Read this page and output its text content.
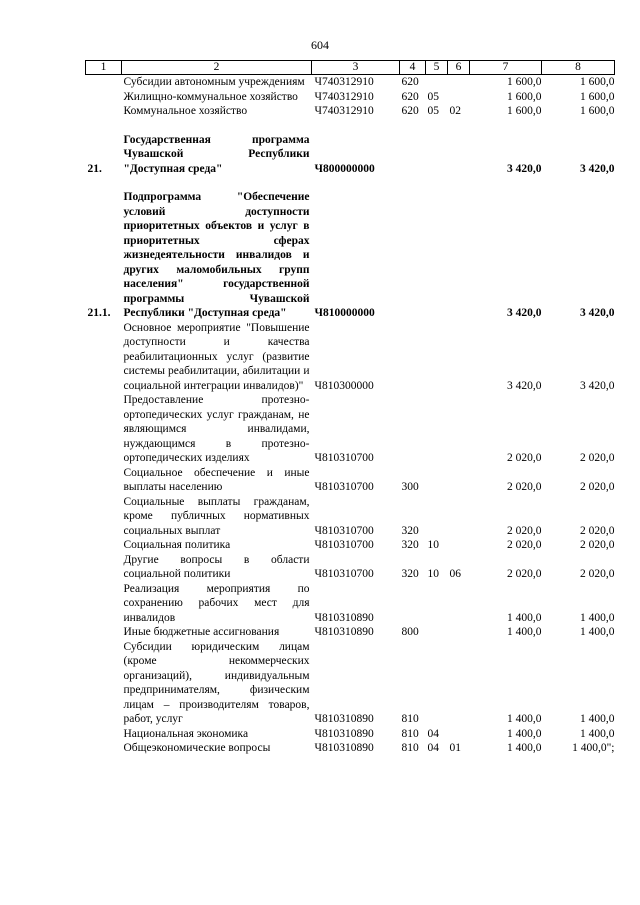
604
1	2	3	4	5	6	7	8
	Субсидии автономным учреждениям	Ч740312910	620			1 600,0	1 600,0
	Жилищно-коммунальное хозяйство	Ч740312910	620	05		1 600,0	1 600,0
	Коммунальное хозяйство	Ч740312910	620	05	02	1 600,0	1 600,0

21.	Государственная программа Чувашской Республики "Доступная среда"	Ч800000000				3 420,0	3 420,0

21.1.	Подпрограмма "Обеспечение условий доступности приоритетных объектов и услуг в приоритетных сферах жизнедеятельности инвалидов и других маломобильных групп населения" государственной программы Чувашской Республики "Доступная среда"	Ч810000000				3 420,0	3 420,0
	Основное мероприятие "Повышение доступности и качества реабилитационных услуг (развитие системы реабилитации, абилитации и социальной интеграции инвалидов)"	Ч810300000				3 420,0	3 420,0
	Предоставление протезно-ортопедических услуг гражданам, не являющимся инвалидами, нуждающимся в протезно-ортопедических изделиях	Ч810310700				2 020,0	2 020,0
	Социальное обеспечение и иные выплаты населению	Ч810310700	300			2 020,0	2 020,0
	Социальные выплаты гражданам, кроме публичных нормативных социальных выплат	Ч810310700	320			2 020,0	2 020,0
	Социальная политика	Ч810310700	320	10		2 020,0	2 020,0
	Другие вопросы в области социальной политики	Ч810310700	320	10	06	2 020,0	2 020,0
	Реализация мероприятия по сохранению рабочих мест для инвалидов	Ч810310890				1 400,0	1 400,0
	Иные бюджетные ассигнования	Ч810310890	800			1 400,0	1 400,0
	Субсидии юридическим лицам (кроме некоммерческих организаций), индивидуальным предпринимателям, физическим лицам – производителям товаров, работ, услуг	Ч810310890	810			1 400,0	1 400,0
	Национальная экономика	Ч810310890	810	04		1 400,0	1 400,0
	Общеэкономические вопросы	Ч810310890	810	04	01	1 400,0	1 400,0";
